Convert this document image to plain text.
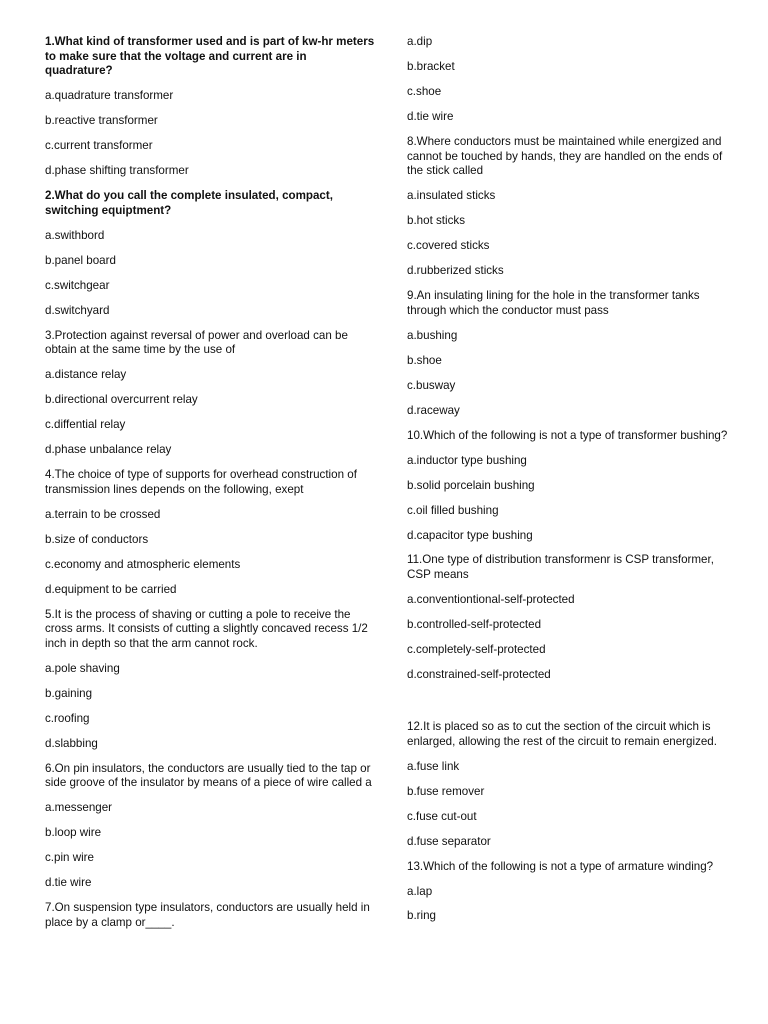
1.What kind of transformer used and is part of kw-hr meters to make sure that the voltage and current are in quadrature?
a.quadrature transformer
b.reactive transformer
c.current transformer
d.phase shifting transformer
2.What do you call the complete insulated, compact, switching equiptment?
a.swithbord
b.panel board
c.switchgear
d.switchyard
3.Protection against reversal of power and overload can be obtain at the same time by the use of
a.distance relay
b.directional overcurrent relay
c.diffential relay
d.phase unbalance relay
4.The choice of type of supports for overhead construction of transmission lines depends on the following, exept
a.terrain to be crossed
b.size of conductors
c.economy and atmospheric elements
d.equipment to be carried
5.It is the process of shaving or cutting a pole to receive the cross arms. It consists of cutting a slightly concaved recess 1/2 inch in depth so that the arm cannot rock.
a.pole shaving
b.gaining
c.roofing
d.slabbing
6.On pin insulators, the conductors are usually tied to the tap or side groove of the insulator by means of a piece of wire called a
a.messenger
b.loop wire
c.pin wire
d.tie wire
7.On suspension type insulators, conductors are usually held in place by a clamp or____.
a.dip
b.bracket
c.shoe
d.tie wire
8.Where conductors must be maintained while energized and cannot be touched by hands, they are handled on the ends of the stick called
a.insulated sticks
b.hot sticks
c.covered sticks
d.rubberized sticks
9.An insulating lining for the hole in the transformer tanks through which the conductor must pass
a.bushing
b.shoe
c.busway
d.raceway
10.Which of the following is not a type of transformer bushing?
a.inductor type bushing
b.solid porcelain bushing
c.oil filled bushing
d.capacitor type bushing
11.One type of distribution transformenr is CSP transformer, CSP means
a.conventiontional-self-protected
b.controlled-self-protected
c.completely-self-protected
d.constrained-self-protected
12.It is placed so as to cut the section of the circuit which is enlarged, allowing the rest of the circuit to remain energized.
a.fuse link
b.fuse remover
c.fuse cut-out
d.fuse separator
13.Which of the following is not a type of armature winding?
a.lap
b.ring
